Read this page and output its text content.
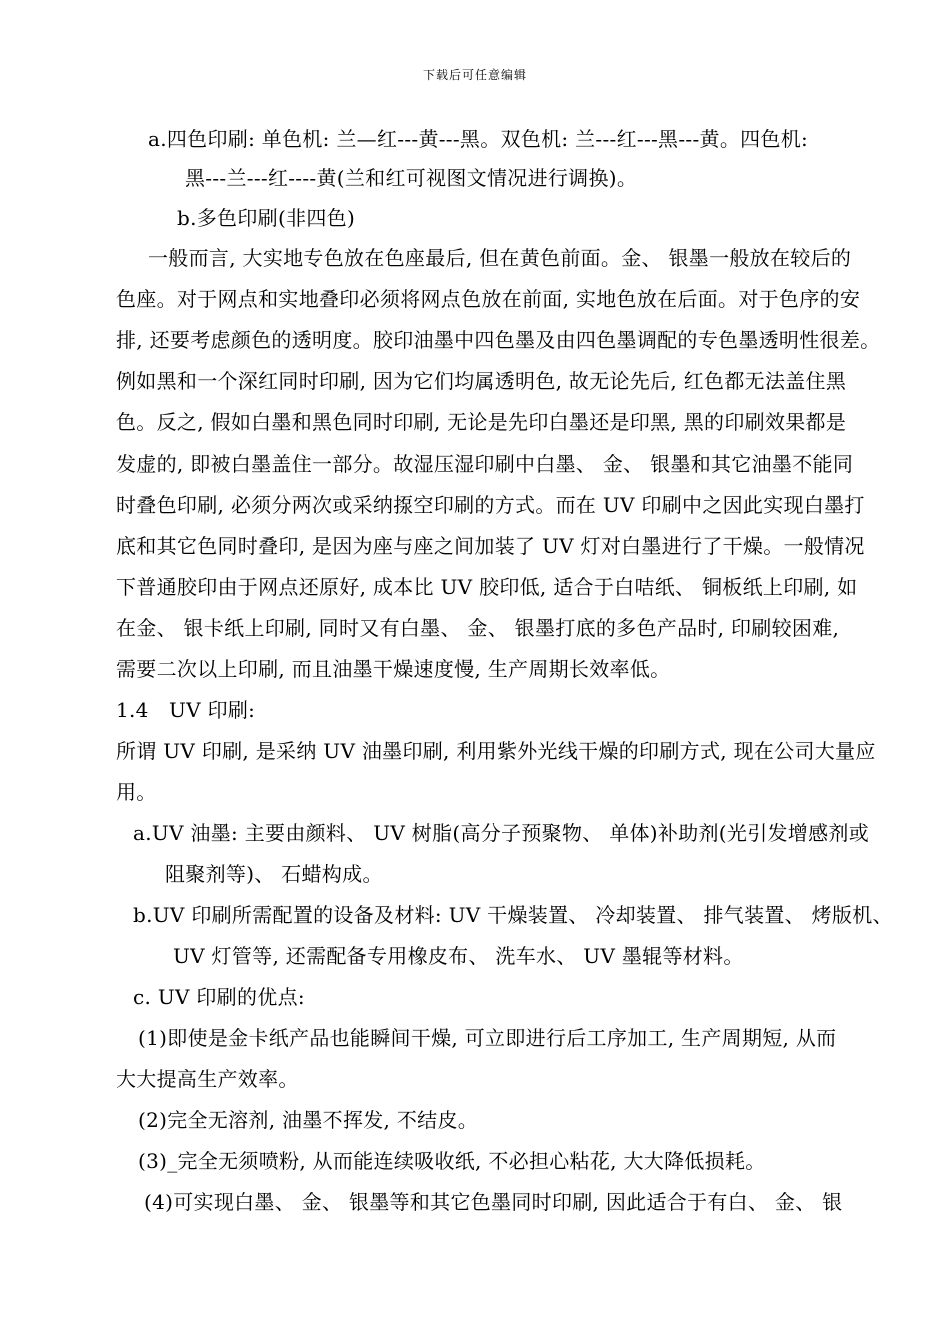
下载后可任意编辑
a.四色印刷: 单色机: 兰—红---黄---黑。双色机: 兰---红---黑---黄。四色机:
黑---兰---红----黄(兰和红可视图文情况进行调换)。
b.多色印刷(非四色)
一般而言, 大实地专色放在色座最后, 但在黄色前面。金、 银墨一般放在较后的
色座。对于网点和实地叠印必须将网点色放在前面, 实地色放在后面。对于色序的安
排, 还要考虑颜色的透明度。胶印油墨中四色墨及由四色墨调配的专色墨透明性很差。
例如黑和一个深红同时印刷, 因为它们均属透明色, 故无论先后, 红色都无法盖住黑
色。反之, 假如白墨和黑色同时印刷, 无论是先印白墨还是印黑, 黑的印刷效果都是
发虚的, 即被白墨盖住一部分。故湿压湿印刷中白墨、 金、 银墨和其它油墨不能同
时叠色印刷, 必须分两次或采纳揼空印刷的方式。而在 UV 印刷中之因此实现白墨打
底和其它色同时叠印, 是因为座与座之间加装了 UV 灯对白墨进行了干燥。一般情况
下普通胶印由于网点还原好, 成本比 UV 胶印低, 适合于白咭纸、 铜板纸上印刷, 如
在金、 银卡纸上印刷, 同时又有白墨、 金、 银墨打底的多色产品时, 印刷较困难,
需要二次以上印刷, 而且油墨干燥速度慢, 生产周期长效率低。
1.4　UV 印刷:
所谓 UV 印刷, 是采纳 UV 油墨印刷, 利用紫外光线干燥的印刷方式, 现在公司大量应
用。
a.UV 油墨: 主要由颜料、 UV 树脂(高分子预聚物、 单体)补助剂(光引发增感剂或
阻聚剂等)、 石蜡构成。
b.UV 印刷所需配置的设备及材料: UV 干燥装置、 冷却装置、 排气装置、 烤版机、
UV 灯管等, 还需配备专用橡皮布、 洗车水、 UV 墨辊等材料。
c. UV 印刷的优点:
(1)即使是金卡纸产品也能瞬间干燥, 可立即进行后工序加工, 生产周期短, 从而
大大提高生产效率。
(2)完全无溶剂, 油墨不挥发, 不结皮。
(3)_完全无须喷粉, 从而能连续吸收纸, 不必担心粘花, 大大降低损耗。
(4)可实现白墨、 金、 银墨等和其它色墨同时印刷, 因此适合于有白、 金、 银
